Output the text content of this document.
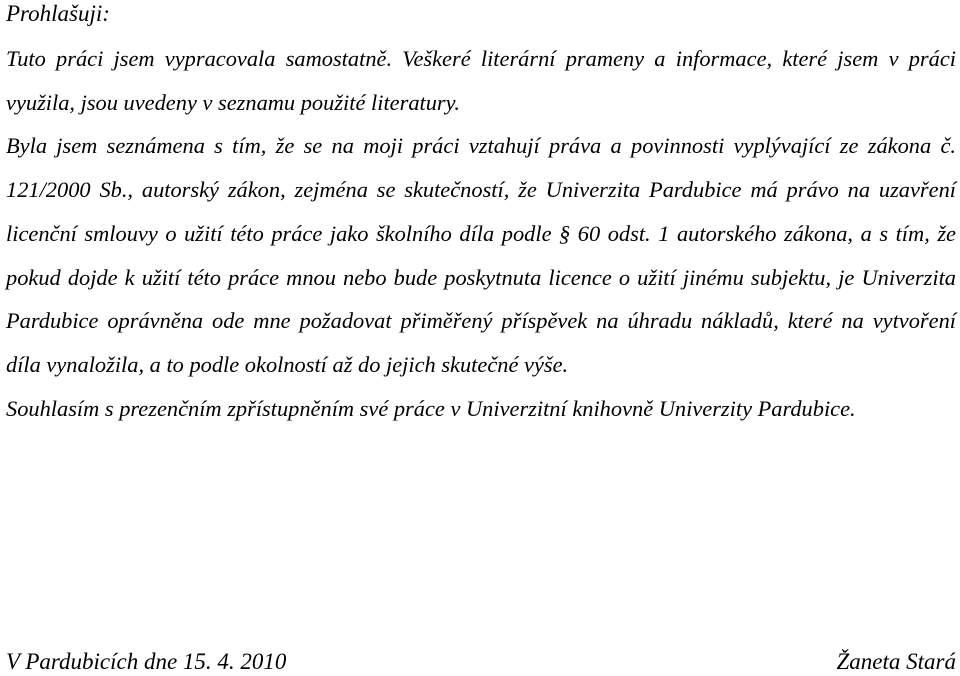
Prohlašuji:

Tuto práci jsem vypracovala samostatně. Veškeré literární prameny a informace, které jsem v práci využila, jsou uvedeny v seznamu použité literatury.

Byla jsem seznámena s tím, že se na moji práci vztahují práva a povinnosti vyplývající ze zákona č. 121/2000 Sb., autorský zákon, zejména se skutečností, že Univerzita Pardubice má právo na uzavření licenční smlouvy o užití této práce jako školního díla podle § 60 odst. 1 autorského zákona, a s tím, že pokud dojde k užití této práce mnou nebo bude poskytnuta licence o užití jinému subjektu, je Univerzita Pardubice oprávněna ode mne požadovat přiměřený příspěvek na úhradu nákladů, které na vytvoření díla vynaložila, a to podle okolností až do jejich skutečné výše.

Souhlasím s prezenčním zpřístupněním své práce v Univerzitní knihovně Univerzity Pardubice.

V Pardubicích dne 15. 4. 2010	Žaneta Stará
